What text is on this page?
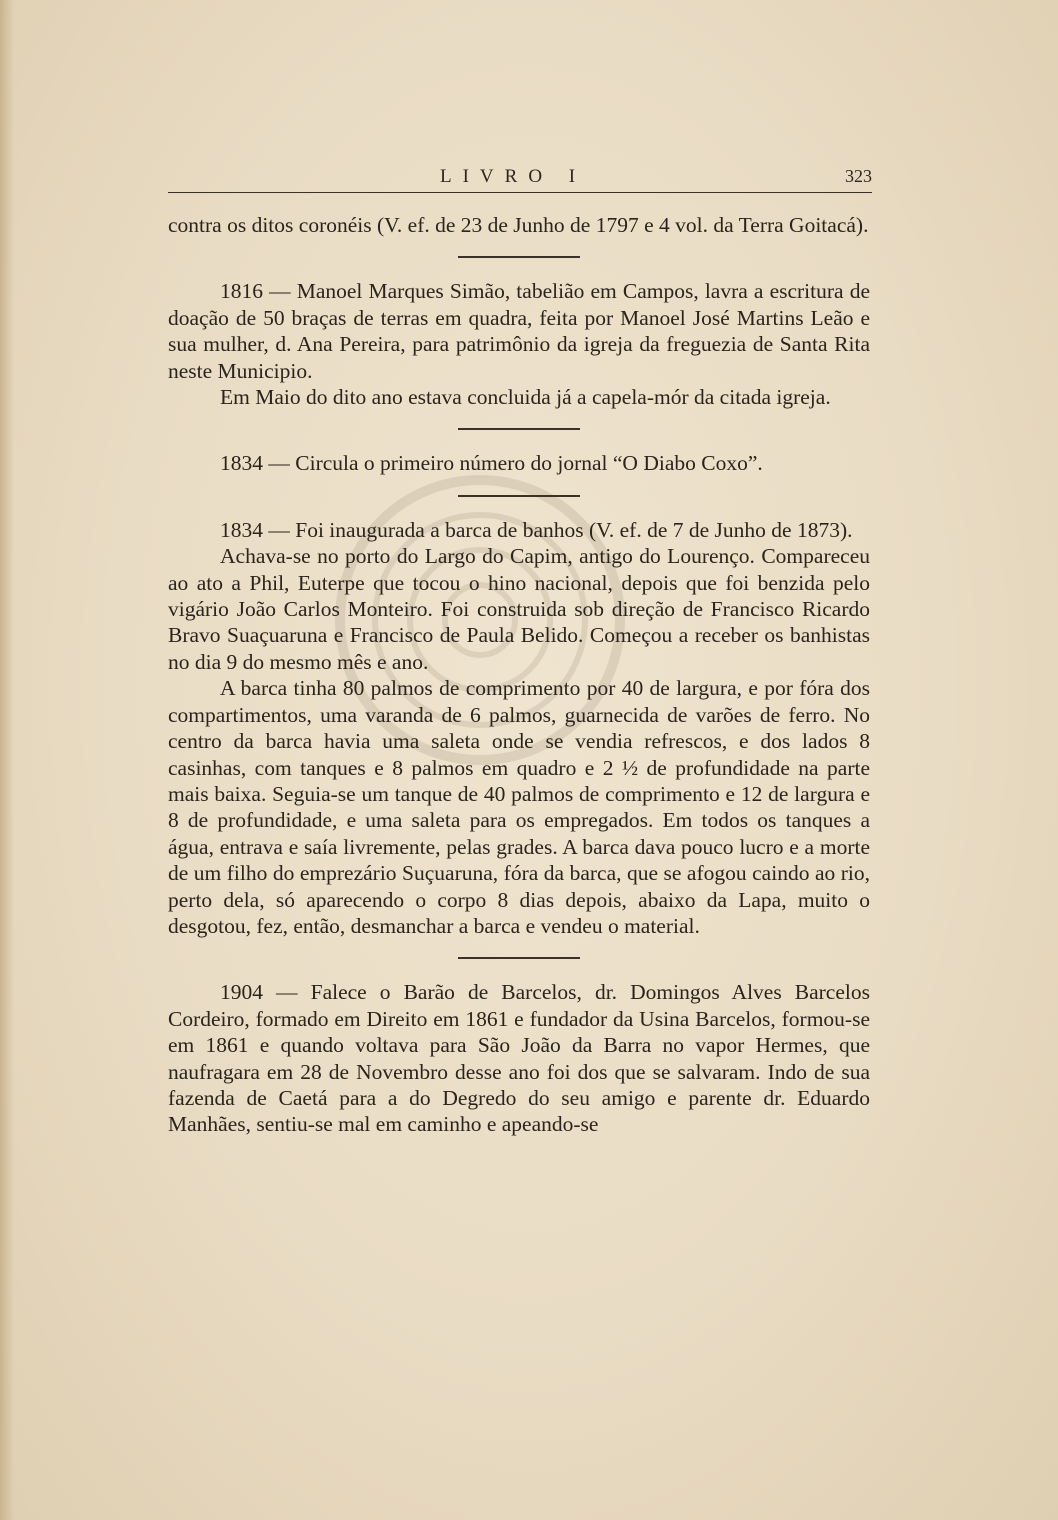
LIVRO I	323

contra os ditos coronéis (V. ef. de 23 de Junho de 1797 e 4 vol. da Terra Goitacá).

1816 — Manoel Marques Simão, tabelião em Campos, lavra a escritura de doação de 50 braças de terras em quadra, feita por Manoel José Martins Leão e sua mulher, d. Ana Pereira, para patrimônio da igreja da freguezia de Santa Rita neste Municipio.

Em Maio do dito ano estava concluida já a capela-mór da citada igreja.

1834 — Circula o primeiro número do jornal “O Diabo Coxo”.

1834 — Foi inaugurada a barca de banhos (V. ef. de 7 de Junho de 1873).

Achava-se no porto do Largo do Capim, antigo do Lourenço. Compareceu ao ato a Phil, Euterpe que tocou o hino nacional, depois que foi benzida pelo vigário João Carlos Monteiro. Foi construida sob direção de Francisco Ricardo Bravo Suaçuaruna e Francisco de Paula Belido. Começou a receber os banhistas no dia 9 do mesmo mês e ano.

A barca tinha 80 palmos de comprimento por 40 de largura, e por fóra dos compartimentos, uma varanda de 6 palmos, guarnecida de varões de ferro. No centro da barca havia uma saleta onde se vendia refrescos, e dos lados 8 casinhas, com tanques e 8 palmos em quadro e 2 ½ de profundidade na parte mais baixa. Seguia-se um tanque de 40 palmos de comprimento e 12 de largura e 8 de profundidade, e uma saleta para os empregados. Em todos os tanques a água, entrava e saía livremente, pelas grades. A barca dava pouco lucro e a morte de um filho do emprezário Suçuaruna, fóra da barca, que se afogou caindo ao rio, perto dela, só aparecendo o corpo 8 dias depois, abaixo da Lapa, muito o desgotou, fez, então, desmanchar a barca e vendeu o material.

1904 — Falece o Barão de Barcelos, dr. Domingos Alves Barcelos Cordeiro, formado em Direito em 1861 e fundador da Usina Barcelos, formou-se em 1861 e quando voltava para São João da Barra no vapor Hermes, que naufragara em 28 de Novembro desse ano foi dos que se salvaram. Indo de sua fazenda de Caetá para a do Degredo do seu amigo e parente dr. Eduardo Manhães, sentiu-se mal em caminho e apeando-se
